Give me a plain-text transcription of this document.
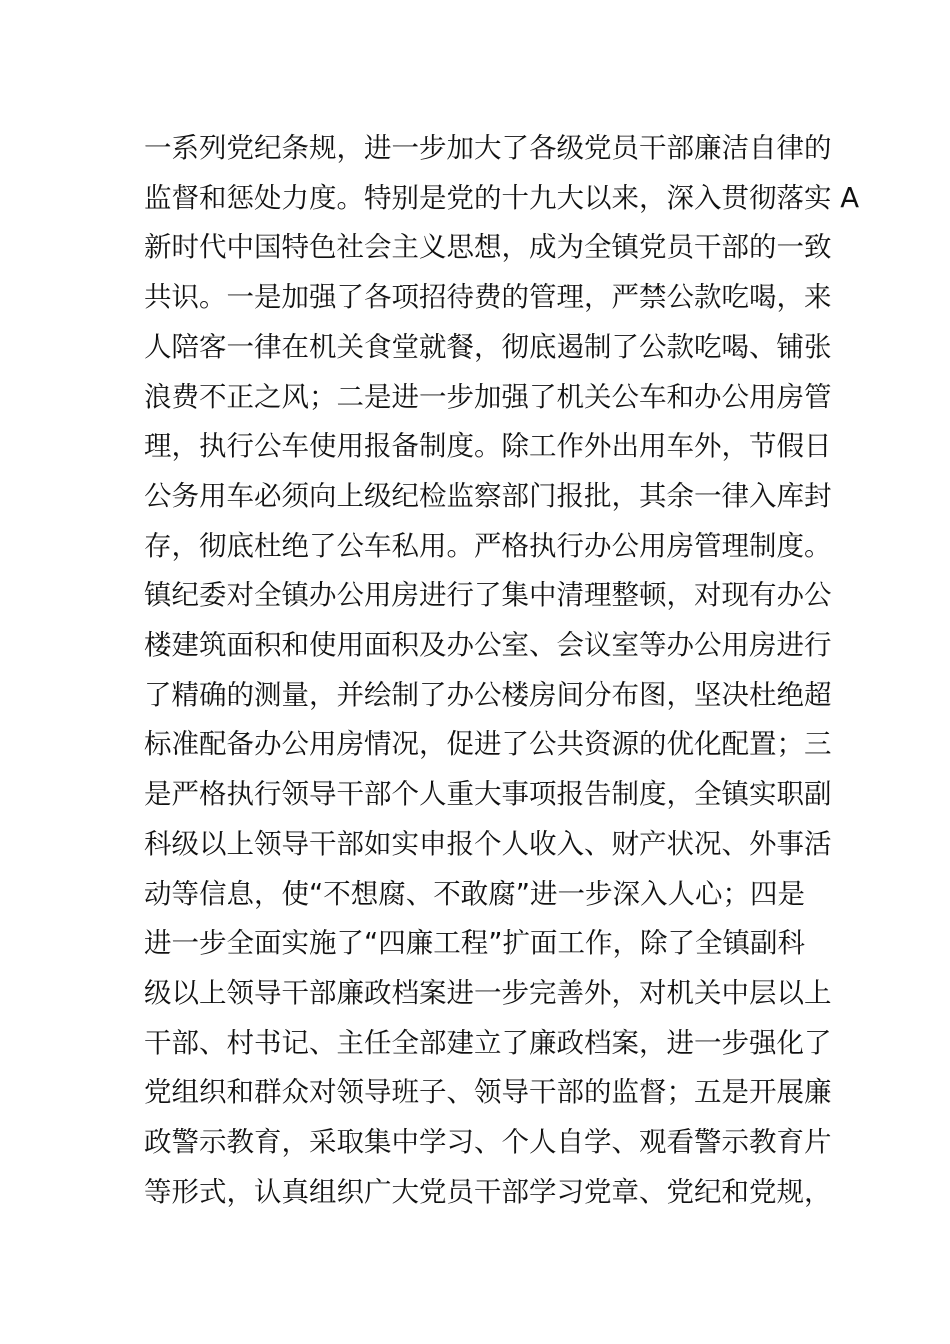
一系列党纪条规，进一步加大了各级党员干部廉洁自律的
监督和惩处力度。特别是党的十九大以来，深入贯彻落实 A
新时代中国特色社会主义思想，成为全镇党员干部的一致
共识。一是加强了各项招待费的管理，严禁公款吃喝，来
人陪客一律在机关食堂就餐，彻底遏制了公款吃喝、铺张
浪费不正之风；二是进一步加强了机关公车和办公用房管
理，执行公车使用报备制度。除工作外出用车外，节假日
公务用车必须向上级纪检监察部门报批，其余一律入库封
存，彻底杜绝了公车私用。严格执行办公用房管理制度。
镇纪委对全镇办公用房进行了集中清理整顿，对现有办公
楼建筑面积和使用面积及办公室、会议室等办公用房进行
了精确的测量，并绘制了办公楼房间分布图，坚决杜绝超
标准配备办公用房情况，促进了公共资源的优化配置；三
是严格执行领导干部个人重大事项报告制度，全镇实职副
科级以上领导干部如实申报个人收入、财产状况、外事活
动等信息，使“不想腐、不敢腐”进一步深入人心；四是
进一步全面实施了“四廉工程”扩面工作，除了全镇副科
级以上领导干部廉政档案进一步完善外，对机关中层以上
干部、村书记、主任全部建立了廉政档案，进一步强化了
党组织和群众对领导班子、领导干部的监督；五是开展廉
政警示教育，采取集中学习、个人自学、观看警示教育片
等形式，认真组织广大党员干部学习党章、党纪和党规，
